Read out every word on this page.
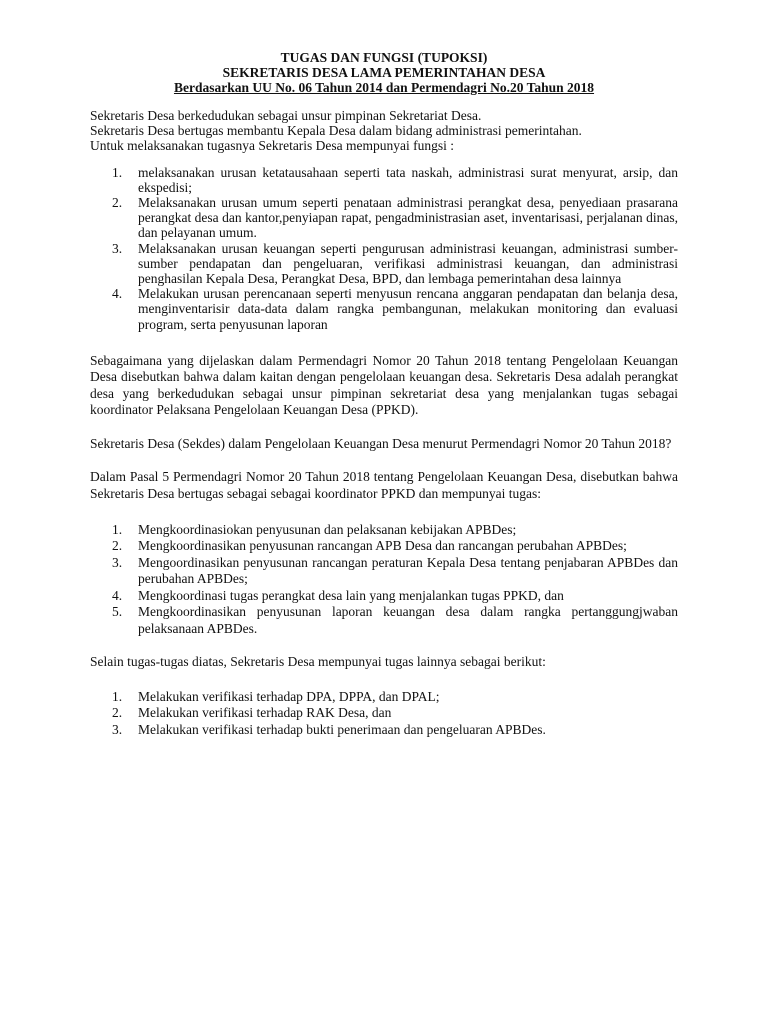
TUGAS DAN FUNGSI (TUPOKSI)

SEKRETARIS DESA LAMA PEMERINTAHAN DESA

Berdasarkan UU No. 06 Tahun 2014 dan Permendagri No.20 Tahun 2018

Sekretaris Desa berkedudukan sebagai unsur pimpinan Sekretariat Desa.

Sekretaris Desa bertugas membantu Kepala Desa dalam bidang administrasi pemerintahan.

Untuk melaksanakan tugasnya Sekretaris Desa mempunyai fungsi :

1. melaksanakan urusan ketatausahaan seperti tata naskah, administrasi surat menyurat, arsip, dan ekspedisi;
2. Melaksanakan urusan umum seperti penataan administrasi perangkat desa, penyediaan prasarana perangkat desa dan kantor,penyiapan rapat, pengadministrasian aset, inventarisasi, perjalanan dinas, dan pelayanan umum.
3. Melaksanakan urusan keuangan seperti pengurusan administrasi keuangan, administrasi sumber-sumber pendapatan dan pengeluaran, verifikasi administrasi keuangan, dan administrasi penghasilan Kepala Desa, Perangkat Desa, BPD, dan lembaga pemerintahan desa lainnya
4. Melakukan urusan perencanaan seperti menyusun rencana anggaran pendapatan dan belanja desa, menginventarisir data-data dalam rangka pembangunan, melakukan monitoring dan evaluasi program, serta penyusunan laporan

Sebagaimana yang dijelaskan dalam Permendagri Nomor 20 Tahun 2018 tentang Pengelolaan Keuangan Desa disebutkan bahwa dalam kaitan dengan pengelolaan keuangan desa. Sekretaris Desa adalah perangkat desa yang berkedudukan sebagai unsur pimpinan sekretariat desa yang menjalankan tugas sebagai koordinator Pelaksana Pengelolaan Keuangan Desa (PPKD).

Sekretaris Desa (Sekdes) dalam Pengelolaan Keuangan Desa menurut Permendagri Nomor 20 Tahun 2018?

Dalam Pasal 5 Permendagri Nomor 20 Tahun 2018 tentang Pengelolaan Keuangan Desa, disebutkan bahwa Sekretaris Desa bertugas sebagai sebagai koordinator PPKD dan mempunyai tugas:

1. Mengkoordinasiokan penyusunan dan pelaksanan kebijakan APBDes;
2. Mengkoordinasikan penyusunan rancangan APB Desa dan rancangan perubahan APBDes;
3. Mengoordinasikan penyusunan rancangan peraturan Kepala Desa tentang penjabaran APBDes dan perubahan APBDes;
4. Mengkoordinasi tugas perangkat desa lain yang menjalankan tugas PPKD, dan
5. Mengkoordinasikan penyusunan laporan keuangan desa dalam rangka pertanggungjwaban pelaksanaan APBDes.

Selain tugas-tugas diatas, Sekretaris Desa mempunyai tugas lainnya sebagai berikut:

1. Melakukan verifikasi terhadap DPA, DPPA, dan DPAL;
2. Melakukan verifikasi terhadap RAK Desa, dan
3. Melakukan verifikasi terhadap bukti penerimaan dan pengeluaran APBDes.
